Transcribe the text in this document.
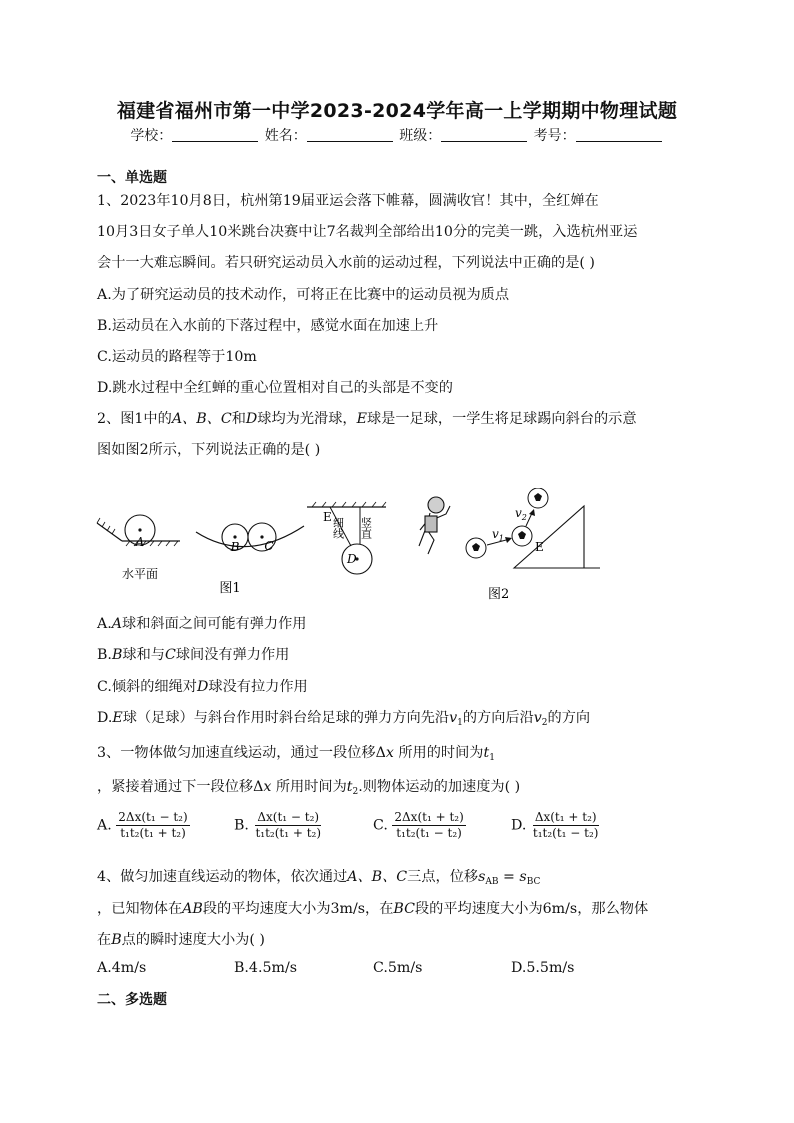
福建省福州市第一中学2023-2024学年高一上学期期中物理试题
学校：	姓名：	班级：	考号：
一、单选题
1、2023年10月8日，杭州第19届亚运会落下帷幕，圆满收官！其中，全红婵在
10月3日女子单人10米跳台决赛中让7名裁判全部给出10分的完美一跳，入选杭州亚运
会十一大难忘瞬间。若只研究运动员入水前的运动过程，下列说法中正确的是( )
A.为了研究运动员的技术动作，可将正在比赛中的运动员视为质点
B.运动员在入水前的下落过程中，感觉水面在加速上升
C.运动员的路程等于10m
D.跳水过程中全红蝉的重心位置相对自己的头部是不变的
2、图1中的A、B、C和D球均为光滑球，E球是一足球，一学生将足球踢向斜台的示意
图如图2所示，下列说法正确的是( )
A
水平面
B C
图1
E
D
细线 竖直	$v_1$
$v_2$
E
图2
A.A球和斜面之间可能有弹力作用
B.B球和与C球间没有弹力作用
C.倾斜的细绳对D球没有拉力作用
D.E球（足球）与斜台作用时斜台给足球的弹力方向先沿$v_1$的方向后沿$v_2$的方向
3、一物体做匀加速直线运动，通过一段位移Δx 所用的时间为$t_1$
，紧接着通过下一段位移Δx 所用时间为$t_2$.则物体运动的加速度为( )
A. $\frac{\text{2Δx(t₁ − t₂)}}{\text{t₁t₂(t₁ + t₂)}}$	B. $\frac{\text{Δx(t₁ − t₂)}}{\text{t₁t₂(t₁ + t₂)}}$	C. $\frac{\text{2Δx(t₁ + t₂)}}{\text{t₁t₂(t₁ − t₂)}}$	D. $\frac{\text{Δx(t₁ + t₂)}}{\text{t₁t₂(t₁ − t₂)}}$
4、做匀加速直线运动的物体，依次通过A、B、C三点，位移$s_{AB} = s_{BC}$
，已知物体在AB段的平均速度大小为3m/s，在BC段的平均速度大小为6m/s，那么物体
在B点的瞬时速度大小为( )
A.4m/s	B.4.5m/s	C.5m/s	D.5.5m/s
二、多选题
